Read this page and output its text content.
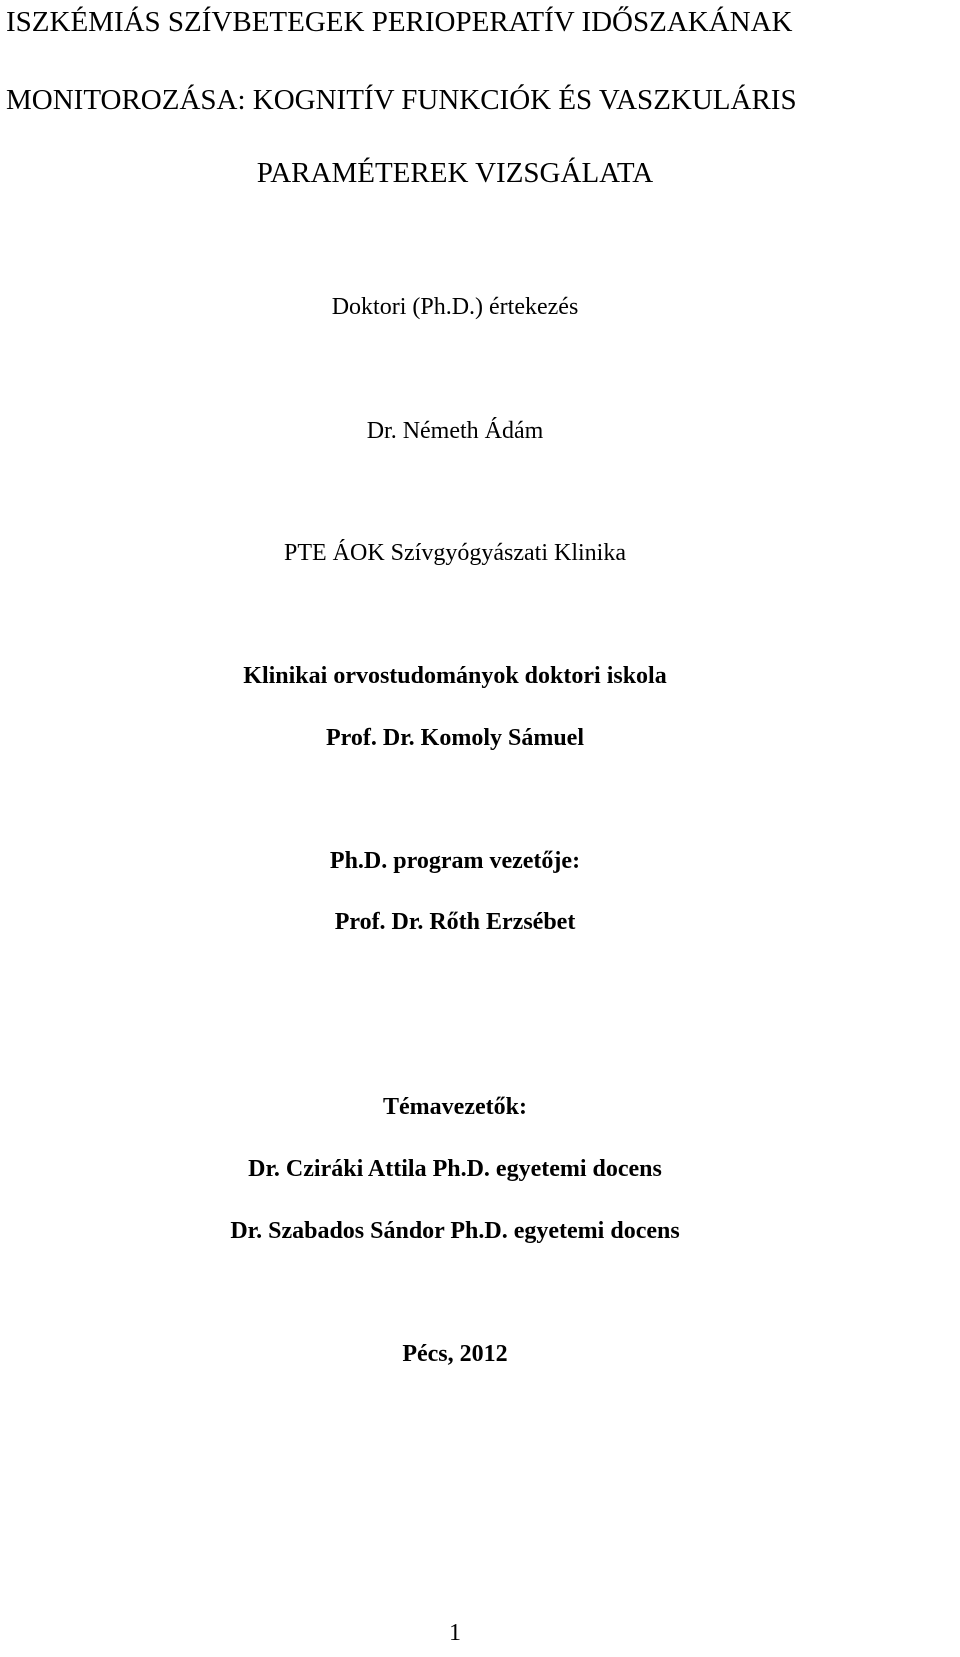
ISZKÉMIÁS SZÍVBETEGEK PERIOPERATÍV IDŐSZAKÁNAK
MONITOROZÁSA: KOGNITÍV FUNKCIÓK ÉS VASZKULÁRIS
PARAMÉTEREK VIZSGÁLATA

Doktori (Ph.D.) értekezés

Dr. Németh Ádám

PTE ÁOK Szívgyógyászati Klinika

Klinikai orvostudományok doktori iskola

Prof. Dr. Komoly Sámuel

Ph.D. program vezetője:

Prof. Dr. Rőth Erzsébet

Témavezetők:

Dr. Cziráki Attila Ph.D. egyetemi docens

Dr. Szabados Sándor Ph.D. egyetemi docens

Pécs, 2012

1
